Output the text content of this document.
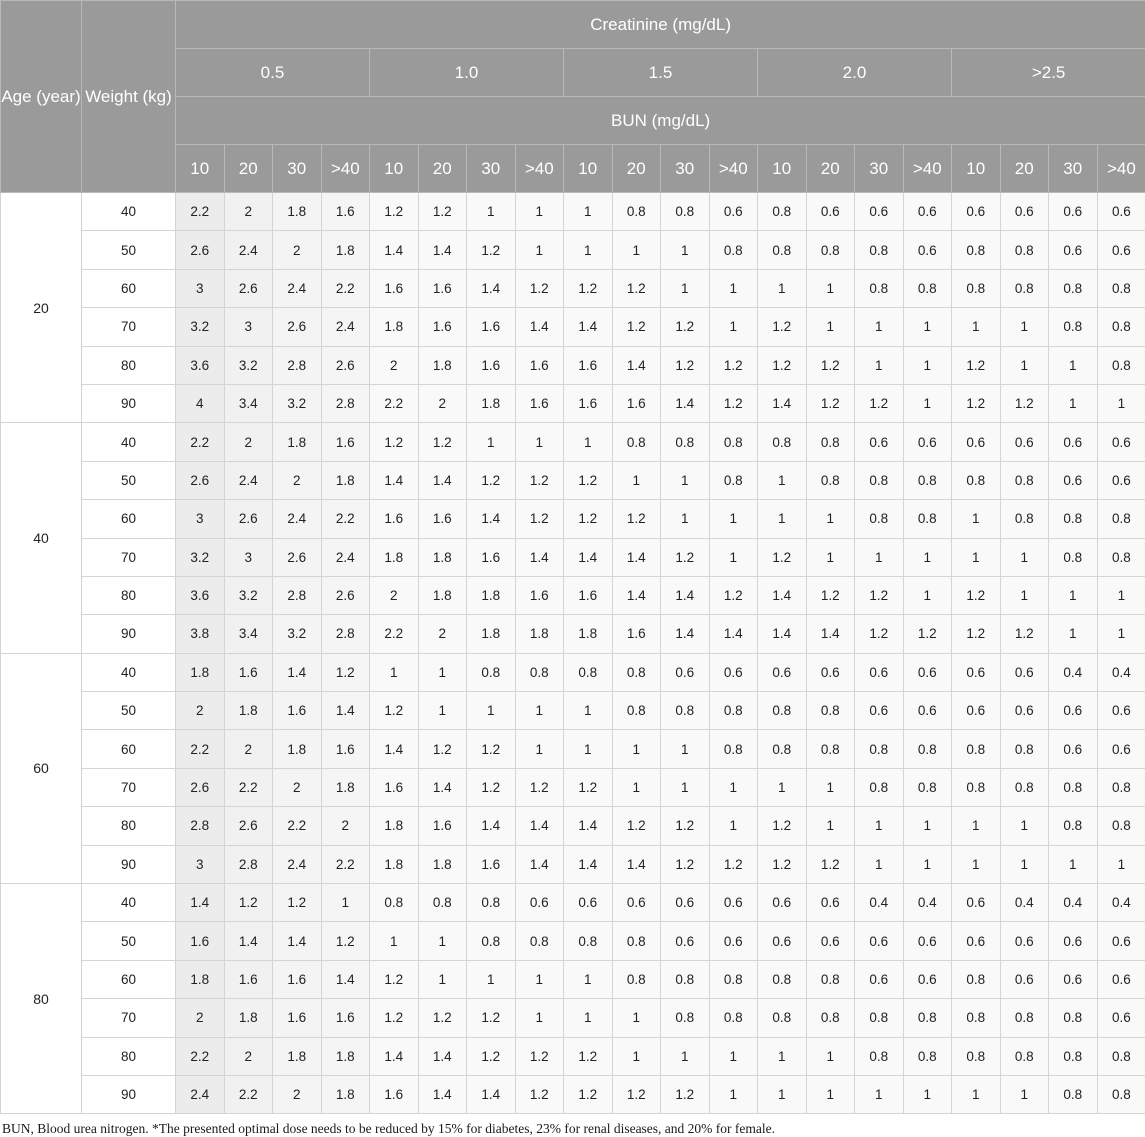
Age (year)	Weight (kg)	Creatinine (mg/dL)																			
		0.5				1.0				1.5				2.0				>2.5			
		BUN (mg/dL)																			
		10	20	30	>40	10	20	30	>40	10	20	30	>40	10	20	30	>40	10	20	30	>40
20	40	2.2	2	1.8	1.6	1.2	1.2	1	1	1	0.8	0.8	0.6	0.8	0.6	0.6	0.6	0.6	0.6	0.6	0.6
	50	2.6	2.4	2	1.8	1.4	1.4	1.2	1	1	1	1	0.8	0.8	0.8	0.8	0.6	0.8	0.8	0.6	0.6
	60	3	2.6	2.4	2.2	1.6	1.6	1.4	1.2	1.2	1.2	1	1	1	1	0.8	0.8	0.8	0.8	0.8	0.8
	70	3.2	3	2.6	2.4	1.8	1.6	1.6	1.4	1.4	1.2	1.2	1	1.2	1	1	1	1	1	0.8	0.8
	80	3.6	3.2	2.8	2.6	2	1.8	1.6	1.6	1.6	1.4	1.2	1.2	1.2	1.2	1	1	1.2	1	1	0.8
	90	4	3.4	3.2	2.8	2.2	2	1.8	1.6	1.6	1.6	1.4	1.2	1.4	1.2	1.2	1	1.2	1.2	1	1
40	40	2.2	2	1.8	1.6	1.2	1.2	1	1	1	0.8	0.8	0.8	0.8	0.8	0.6	0.6	0.6	0.6	0.6	0.6
	50	2.6	2.4	2	1.8	1.4	1.4	1.2	1.2	1.2	1	1	0.8	1	0.8	0.8	0.8	0.8	0.8	0.6	0.6
	60	3	2.6	2.4	2.2	1.6	1.6	1.4	1.2	1.2	1.2	1	1	1	1	0.8	0.8	1	0.8	0.8	0.8
	70	3.2	3	2.6	2.4	1.8	1.8	1.6	1.4	1.4	1.4	1.2	1	1.2	1	1	1	1	1	0.8	0.8
	80	3.6	3.2	2.8	2.6	2	1.8	1.8	1.6	1.6	1.4	1.4	1.2	1.4	1.2	1.2	1	1.2	1	1	1
	90	3.8	3.4	3.2	2.8	2.2	2	1.8	1.8	1.8	1.6	1.4	1.4	1.4	1.4	1.2	1.2	1.2	1.2	1	1
60	40	1.8	1.6	1.4	1.2	1	1	0.8	0.8	0.8	0.8	0.6	0.6	0.6	0.6	0.6	0.6	0.6	0.6	0.4	0.4
	50	2	1.8	1.6	1.4	1.2	1	1	1	1	0.8	0.8	0.8	0.8	0.8	0.6	0.6	0.6	0.6	0.6	0.6
	60	2.2	2	1.8	1.6	1.4	1.2	1.2	1	1	1	1	0.8	0.8	0.8	0.8	0.8	0.8	0.8	0.6	0.6
	70	2.6	2.2	2	1.8	1.6	1.4	1.2	1.2	1.2	1	1	1	1	1	0.8	0.8	0.8	0.8	0.8	0.8
	80	2.8	2.6	2.2	2	1.8	1.6	1.4	1.4	1.4	1.2	1.2	1	1.2	1	1	1	1	1	0.8	0.8
	90	3	2.8	2.4	2.2	1.8	1.8	1.6	1.4	1.4	1.4	1.2	1.2	1.2	1.2	1	1	1	1	1	1
80	40	1.4	1.2	1.2	1	0.8	0.8	0.8	0.6	0.6	0.6	0.6	0.6	0.6	0.6	0.4	0.4	0.6	0.4	0.4	0.4
	50	1.6	1.4	1.4	1.2	1	1	0.8	0.8	0.8	0.8	0.6	0.6	0.6	0.6	0.6	0.6	0.6	0.6	0.6	0.6
	60	1.8	1.6	1.6	1.4	1.2	1	1	1	1	0.8	0.8	0.8	0.8	0.8	0.6	0.6	0.8	0.6	0.6	0.6
	70	2	1.8	1.6	1.6	1.2	1.2	1.2	1	1	1	0.8	0.8	0.8	0.8	0.8	0.8	0.8	0.8	0.8	0.6
	80	2.2	2	1.8	1.8	1.4	1.4	1.2	1.2	1.2	1	1	1	1	1	0.8	0.8	0.8	0.8	0.8	0.8
	90	2.4	2.2	2	1.8	1.6	1.4	1.4	1.2	1.2	1.2	1.2	1	1	1	1	1	1	1	0.8	0.8
BUN, Blood urea nitrogen. *The presented optimal dose needs to be reduced by 15% for diabetes, 23% for renal diseases, and 20% for female.
